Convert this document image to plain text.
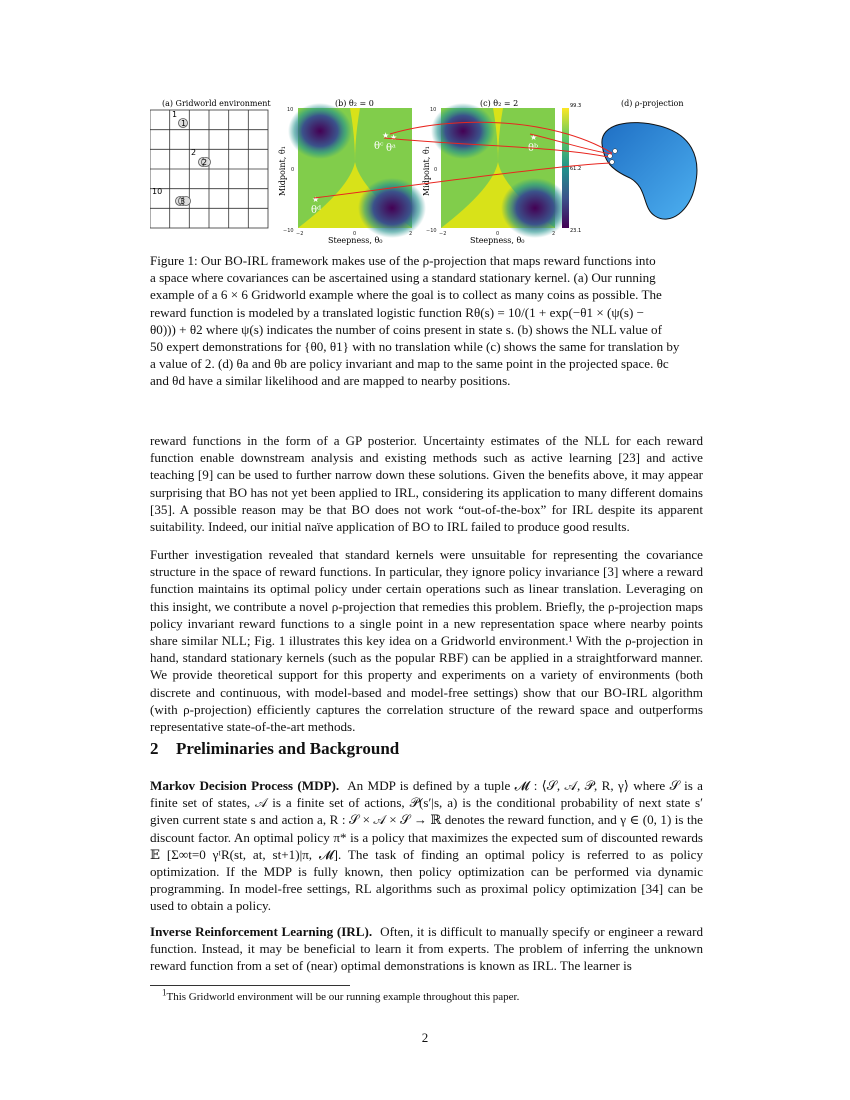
(a) Gridworld environment
1
1
2
2
10
3
(b) θ₂ = 0
10
0
−10 −2	0	2
Steepness, θ₀
Midpoint, θ₁
★ ★
θᶜ θᵃ
★
θᵈ
(c) θ₂ = 2
10
0
−10 −2	0	2
Steepness, θ₀
Midpoint, θ₁
★
θᵇ
99.3
61.2
23.1
(d) ρ-projection
Figure 1: Our BO-IRL framework makes use of the ρ-projection that maps reward functions into
a space where covariances can be ascertained using a standard stationary kernel. (a) Our running
example of a 6 × 6 Gridworld example where the goal is to collect as many coins as possible. The
reward function is modeled by a translated logistic function Rθ(s) = 10/(1 + exp(−θ1 × (ψ(s) −
θ0))) + θ2 where ψ(s) indicates the number of coins present in state s. (b) shows the NLL value of
50 expert demonstrations for {θ0, θ1} with no translation while (c) shows the same for translation by
a value of 2. (d) θa and θb are policy invariant and map to the same point in the projected space. θc
and θd have a similar likelihood and are mapped to nearby positions.

reward functions in the form of a GP posterior. Uncertainty estimates of the NLL for each reward function enable downstream analysis and existing methods such as active learning [23] and active teaching [9] can be used to further narrow down these solutions. Given the benefits above, it may appear surprising that BO has not yet been applied to IRL, considering its application to many different domains [35]. A possible reason may be that BO does not work “out-of-the-box” for IRL despite its apparent suitability. Indeed, our initial naïve application of BO to IRL failed to produce good results.

Further investigation revealed that standard kernels were unsuitable for representing the covariance structure in the space of reward functions. In particular, they ignore policy invariance [3] where a reward function maintains its optimal policy under certain operations such as linear translation. Leveraging on this insight, we contribute a novel ρ-projection that remedies this problem. Briefly, the ρ-projection maps policy invariant reward functions to a single point in a new representation space where nearby points share similar NLL; Fig. 1 illustrates this key idea on a Gridworld environment.¹ With the ρ-projection in hand, standard stationary kernels (such as the popular RBF) can be applied in a straightforward manner. We provide theoretical support for this property and experiments on a variety of environments (both discrete and continuous, with model-based and model-free settings) show that our BO-IRL algorithm (with ρ-projection) efficiently captures the correlation structure of the reward space and outperforms representative state-of-the-art methods.

2 Preliminaries and Background

Markov Decision Process (MDP). An MDP is defined by a tuple 𝓜 : ⟨𝒮, 𝒜, 𝒫, R, γ⟩ where 𝒮 is a finite set of states, 𝒜 is a finite set of actions, 𝒫(s′|s, a) is the conditional probability of next state s′ given current state s and action a, R : 𝒮 × 𝒜 × 𝒮 → ℝ denotes the reward function, and γ ∈ (0, 1) is the discount factor. An optimal policy π* is a policy that maximizes the expected sum of discounted rewards 𝔼 [Σ∞t=0 γᵗR(st, at, st+1)|π, 𝓜]. The task of finding an optimal policy is referred to as policy optimization. If the MDP is fully known, then policy optimization can be performed via dynamic programming. In model-free settings, RL algorithms such as proximal policy optimization [34] can be used to obtain a policy.

Inverse Reinforcement Learning (IRL). Often, it is difficult to manually specify or engineer a reward function. Instead, it may be beneficial to learn it from experts. The problem of inferring the unknown reward function from a set of (near) optimal demonstrations is known as IRL. The learner is

$^1$This Gridworld environment will be our running example throughout this paper.
2
